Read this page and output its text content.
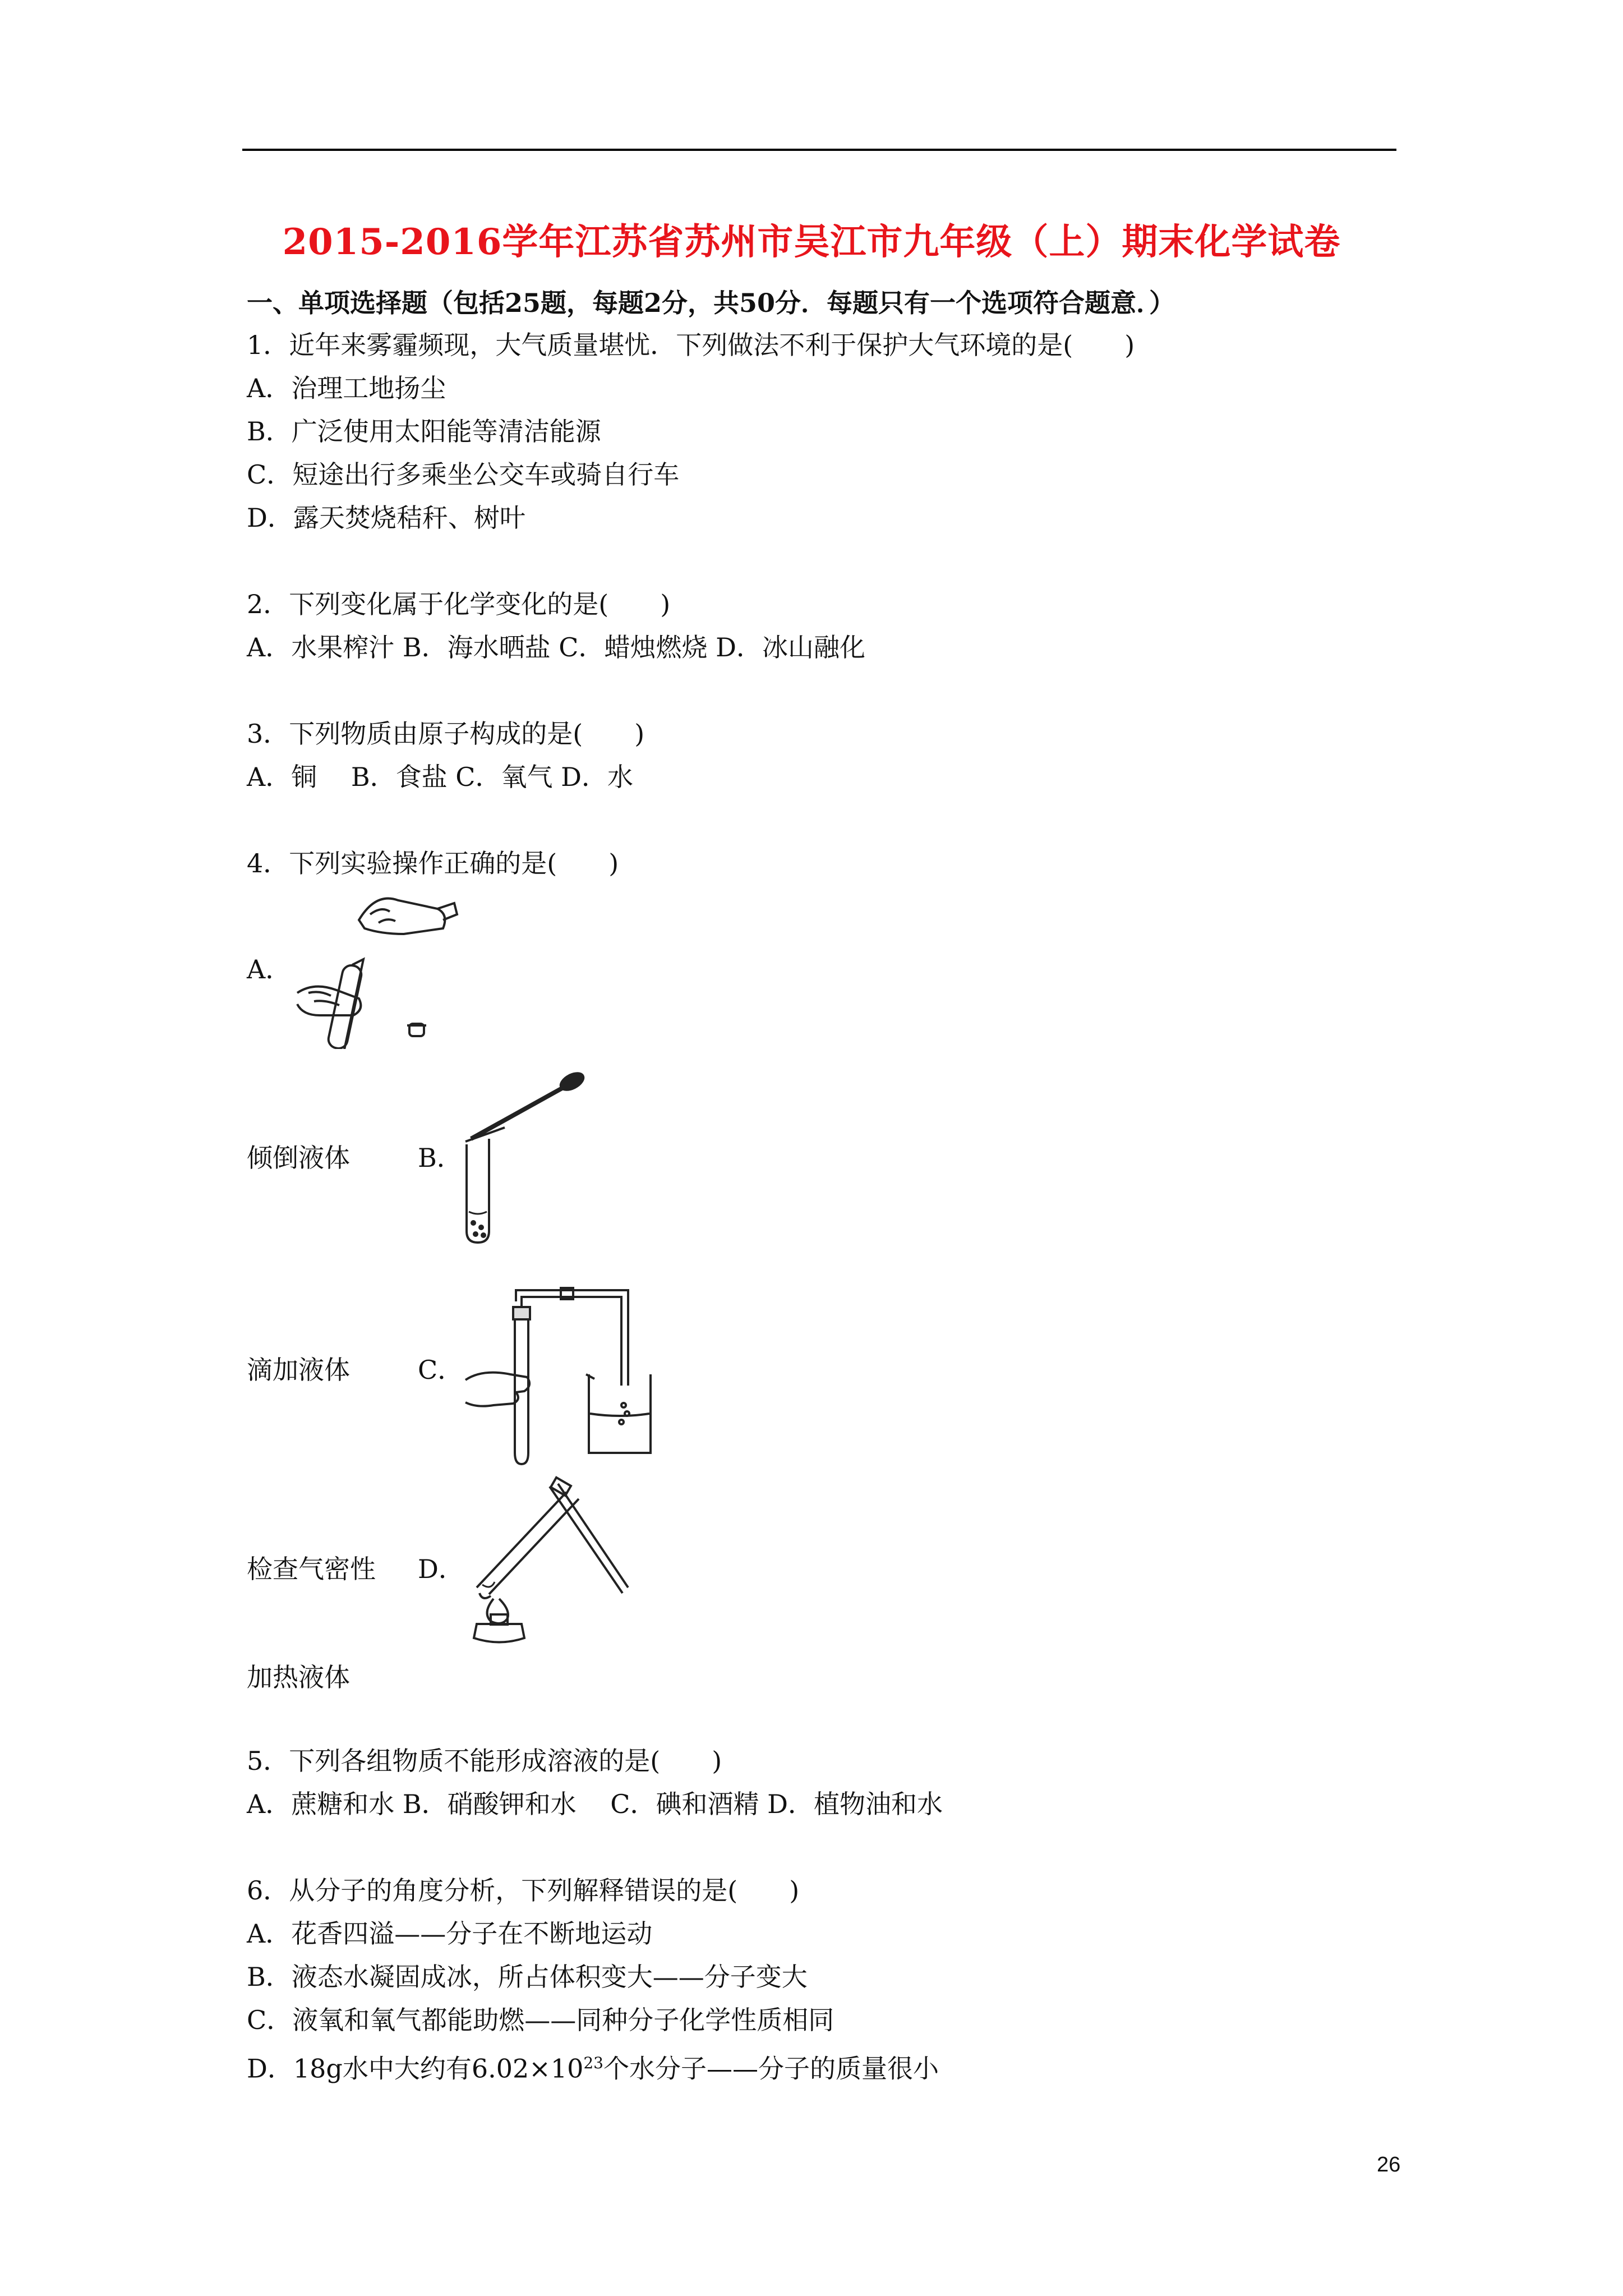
2015-2016学年江苏省苏州市吴江市九年级（上）期末化学试卷
一、单项选择题（包括25题，每题2分，共50分．每题只有一个选项符合题意．）
1．近年来雾霾频现，大气质量堪忧．下列做法不利于保护大气环境的是(　　)
A．治理工地扬尘
B．广泛使用太阳能等清洁能源
C．短途出行多乘坐公交车或骑自行车
D．露天焚烧秸秆、树叶
2．下列变化属于化学变化的是(　　)
A．水果榨汁 B．海水晒盐 C．蜡烛燃烧 D．冰山融化
3．下列物质由原子构成的是(　　)
A．铜　 B．食盐 C．氧气 D．水
4．下列实验操作正确的是(　　)
A．
倾倒液体	B．
滴加液体	C．
检查气密性 D．
加热液体
5．下列各组物质不能形成溶液的是(　　)
A．蔗糖和水 B．硝酸钾和水　 C．碘和酒精 D．植物油和水
6．从分子的角度分析，下列解释错误的是(　　)
A．花香四溢——分子在不断地运动
B．液态水凝固成冰，所占体积变大——分子变大
C．液氧和氧气都能助燃——同种分子化学性质相同
D．18g水中大约有$6.02\times 10^{23}$个水分子——分子的质量很小
26
